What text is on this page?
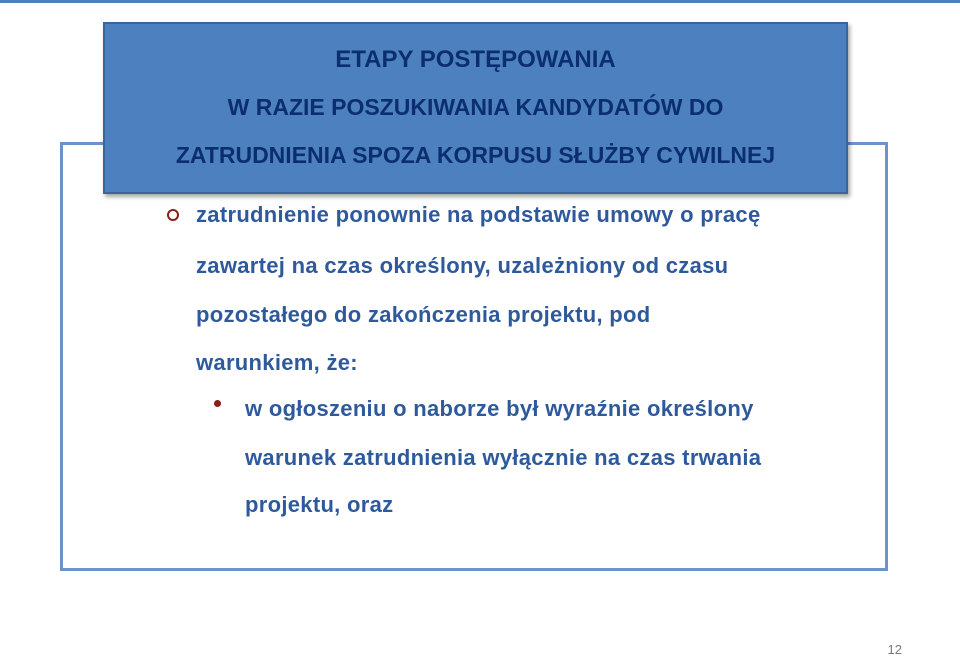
ETAPY POSTĘPOWANIA
W RAZIE POSZUKIWANIA KANDYDATÓW DO
ZATRUDNIENIA SPOZA KORPUSU SŁUŻBY CYWILNEJ
zatrudnienie ponownie na podstawie umowy o pracę
zawartej na czas określony, uzależniony od czasu
pozostałego do zakończenia projektu, pod
warunkiem, że:
w ogłoszeniu o naborze był wyraźnie określony
warunek zatrudnienia wyłącznie na czas trwania
projektu, oraz
12
